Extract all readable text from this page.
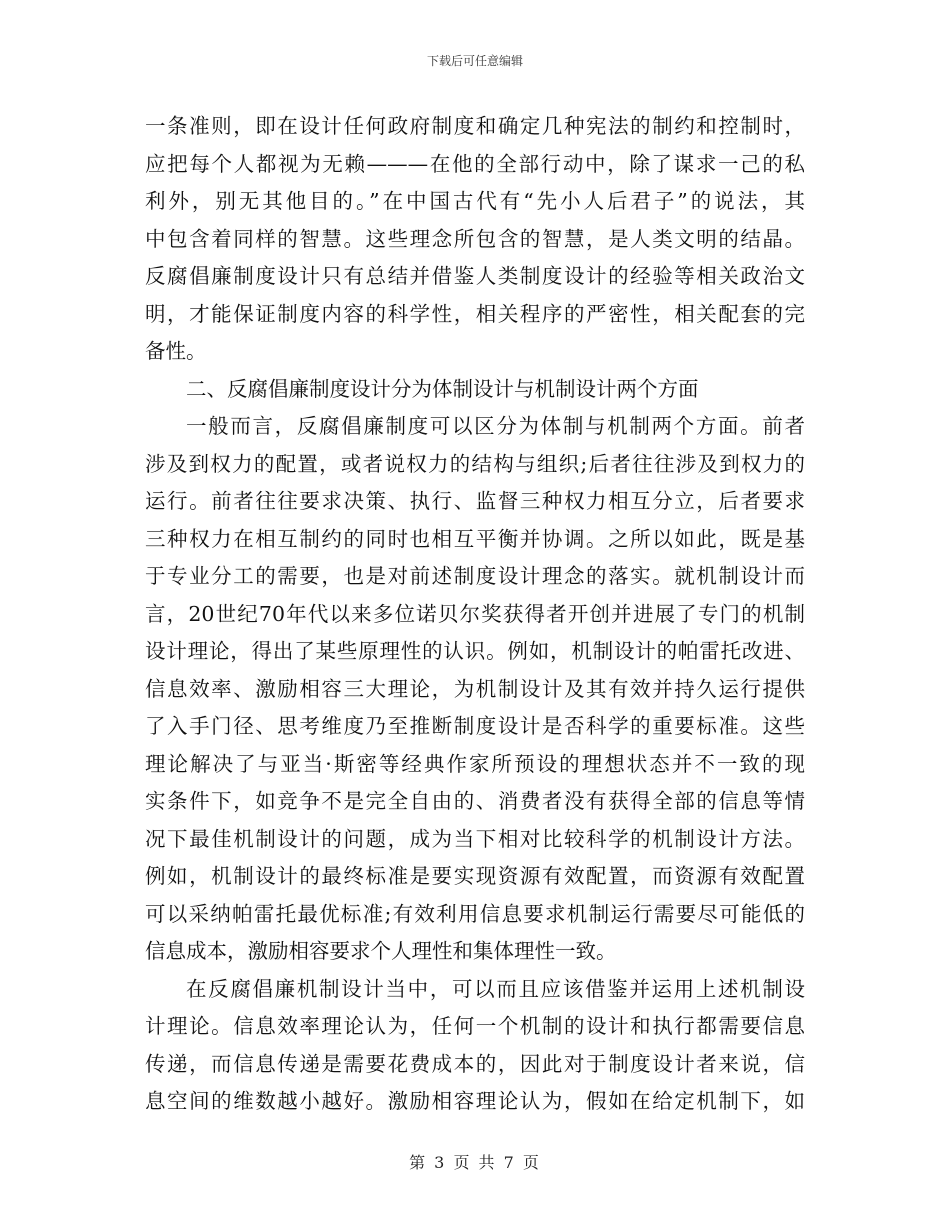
下载后可任意编辑
一条准则，即在设计任何政府制度和确定几种宪法的制约和控制时，
应把每个人都视为无赖———在他的全部行动中，除了谋求一己的私
利外，别无其他目的。”在中国古代有“先小人后君子”的说法，其
中包含着同样的智慧。这些理念所包含的智慧，是人类文明的结晶。
反腐倡廉制度设计只有总结并借鉴人类制度设计的经验等相关政治文
明，才能保证制度内容的科学性，相关程序的严密性，相关配套的完
备性。
二、反腐倡廉制度设计分为体制设计与机制设计两个方面
一般而言，反腐倡廉制度可以区分为体制与机制两个方面。前者
涉及到权力的配置，或者说权力的结构与组织;后者往往涉及到权力的
运行。前者往往要求决策、执行、监督三种权力相互分立，后者要求
三种权力在相互制约的同时也相互平衡并协调。之所以如此，既是基
于专业分工的需要，也是对前述制度设计理念的落实。就机制设计而
言，20世纪70年代以来多位诺贝尔奖获得者开创并进展了专门的机制
设计理论，得出了某些原理性的认识。例如，机制设计的帕雷托改进、
信息效率、激励相容三大理论，为机制设计及其有效并持久运行提供
了入手门径、思考维度乃至推断制度设计是否科学的重要标准。这些
理论解决了与亚当·斯密等经典作家所预设的理想状态并不一致的现
实条件下，如竞争不是完全自由的、消费者没有获得全部的信息等情
况下最佳机制设计的问题，成为当下相对比较科学的机制设计方法。
例如，机制设计的最终标准是要实现资源有效配置，而资源有效配置
可以采纳帕雷托最优标准;有效利用信息要求机制运行需要尽可能低的
信息成本，激励相容要求个人理性和集体理性一致。
在反腐倡廉机制设计当中，可以而且应该借鉴并运用上述机制设
计理论。信息效率理论认为，任何一个机制的设计和执行都需要信息
传递，而信息传递是需要花费成本的，因此对于制度设计者来说，信
息空间的维数越小越好。激励相容理论认为，假如在给定机制下，如
第 3 页 共 7 页
